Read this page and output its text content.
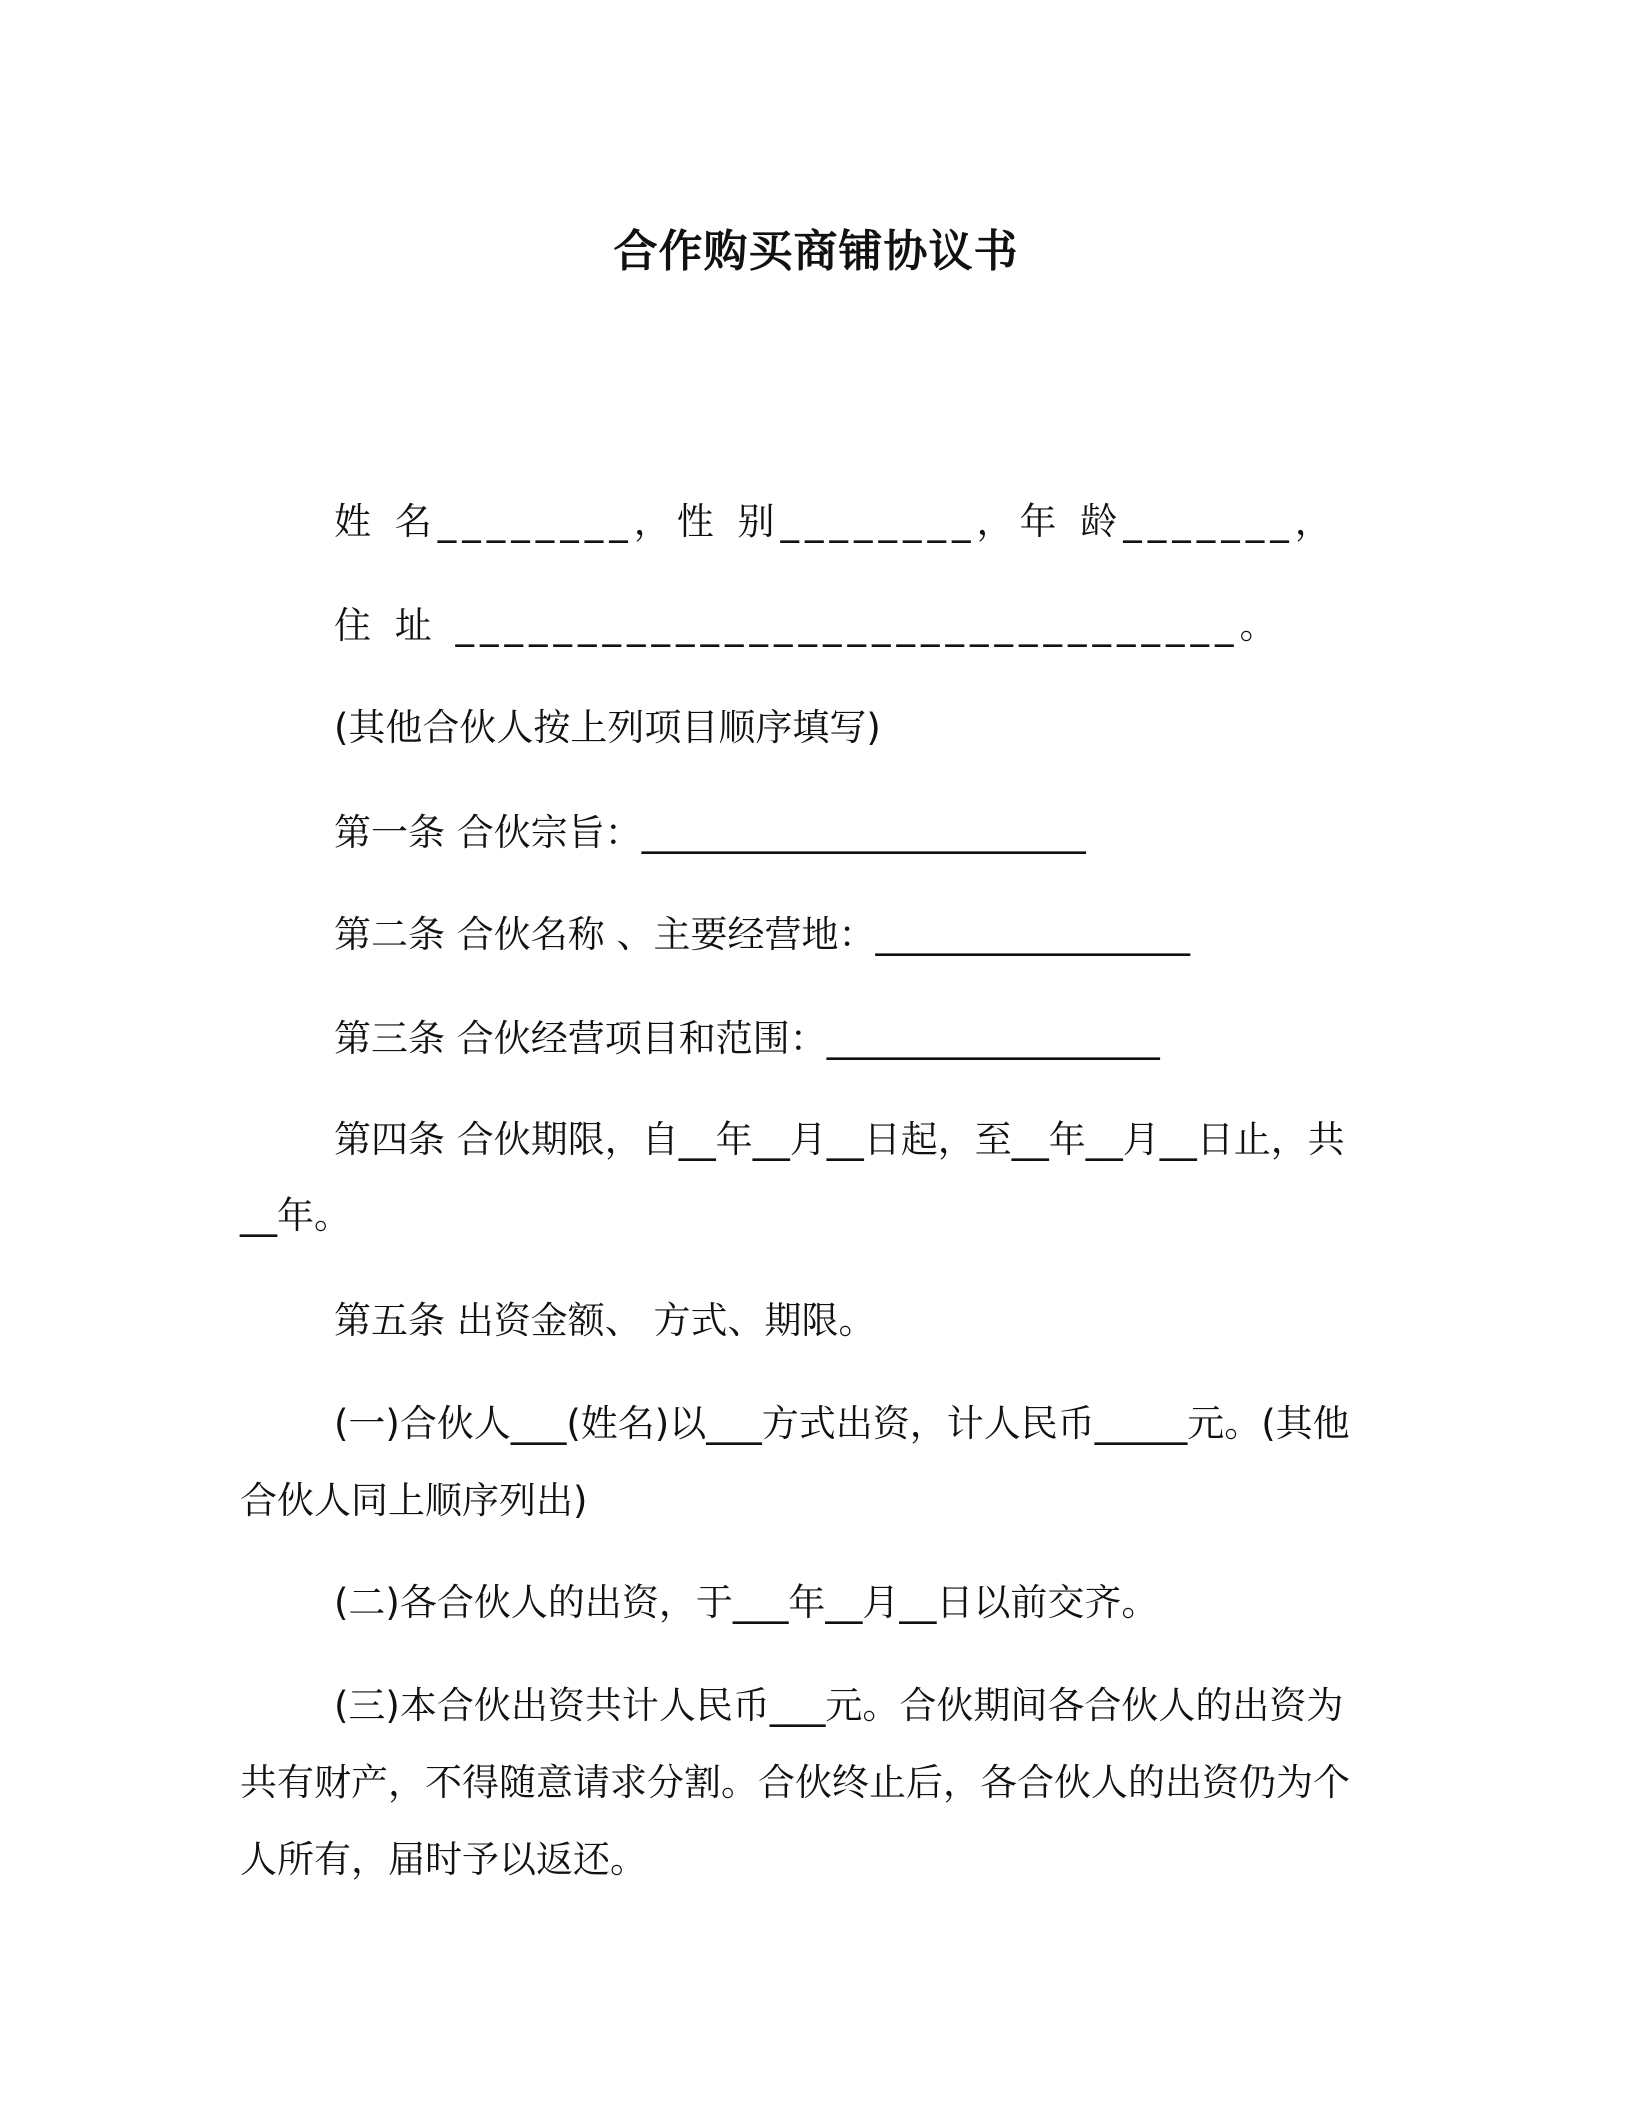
合作购买商铺协议书
姓 名________，性 别________，年 龄_______，
住 址 ________________________________。
(其他合伙人按上列项目顺序填写)
第一条 合伙宗旨：________________________
第二条 合伙名称 、主要经营地：_________________
第三条 合伙经营项目和范围：__________________
第四条 合伙期限，自__年__月__日起，至__年__月__日止，共
__年。
第五条 出资金额、 方式、期限。
(一)合伙人___(姓名)以___方式出资，计人民币_____元。(其他
合伙人同上顺序列出)
(二)各合伙人的出资，于___年__月__日以前交齐。
(三)本合伙出资共计人民币___元。合伙期间各合伙人的出资为
共有财产，不得随意请求分割。合伙终止后，各合伙人的出资仍为个
人所有，届时予以返还。
